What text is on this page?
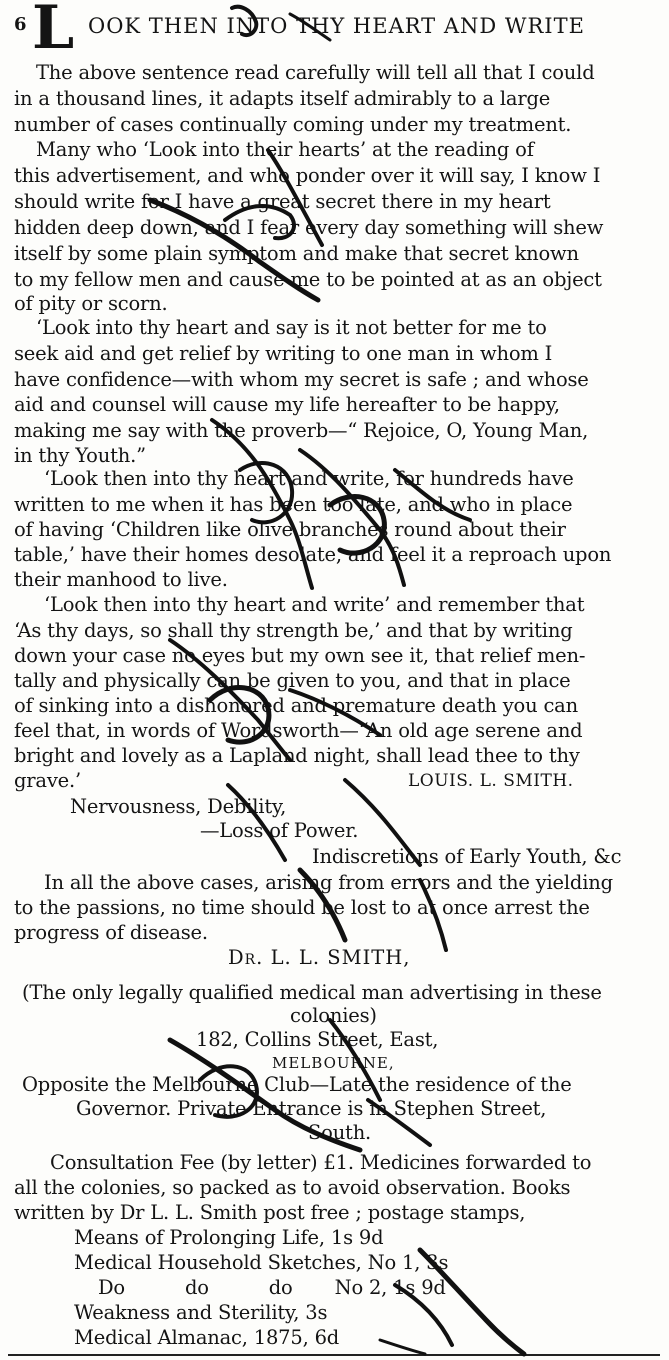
6 L OOK THEN INTO THY HEART AND WRITE
The above sentence read carefully will tell all that I could
in a thousand lines, it adapts itself admirably to a large
number of cases continually coming under my treatment.
Many who ‘Look into their hearts’ at the reading of
this advertisement, and who ponder over it will say, I know I
should write for I have a great secret there in my heart
hidden deep down, and I fear every day something will shew
itself by some plain symptom and make that secret known
to my fellow men and cause me to be pointed at as an object
of pity or scorn.
‘Look into thy heart and say is it not better for me to
seek aid and get relief by writing to one man in whom I
have confidence—with whom my secret is safe ; and whose
aid and counsel will cause my life hereafter to be happy,
making me say with the proverb—“ Rejoice, O, Young Man,
in thy Youth.”
‘Look then into thy heart and write, for hundreds have
written to me when it has been too late, and who in place
of having ‘Children like olive branches round about their
table,’ have their homes desolate, and feel it a reproach upon
their manhood to live.
‘Look then into thy heart and write’ and remember that
‘As thy days, so shall thy strength be,’ and that by writing
down your case no eyes but my own see it, that relief men-
tally and physically can be given to you, and that in place
of sinking into a dishonored and premature death you can
feel that, in words of Wordsworth—“An old age serene and
bright and lovely as a Lapland night, shall lead thee to thy
grave.’	LOUIS. L. SMITH.
Nervousness, Debility,
—Loss of Power.
Indiscretions of Early Youth, &c
In all the above cases, arising from errors and the yielding
to the passions, no time should be lost to at once arrest the
progress of disease.
Dr. L. L. SMITH,
(The only legally qualified medical man advertising in these
colonies)
182, Collins Street, East,
MELBOURNE,
Opposite the Melbourne Club—Late the residence of the
Governor. Private Entrance is in Stephen Street,
South.
Consultation Fee (by letter) £1. Medicines forwarded to
all the colonies, so packed as to avoid observation. Books
written by Dr L. L. Smith post free ; postage stamps,
Means of Prolonging Life, 1s 9d
Medical Household Sketches, No 1, 3s
Do          do          do       No 2, 1s 9d
Weakness and Sterility, 3s
Medical Almanac, 1875, 6d
